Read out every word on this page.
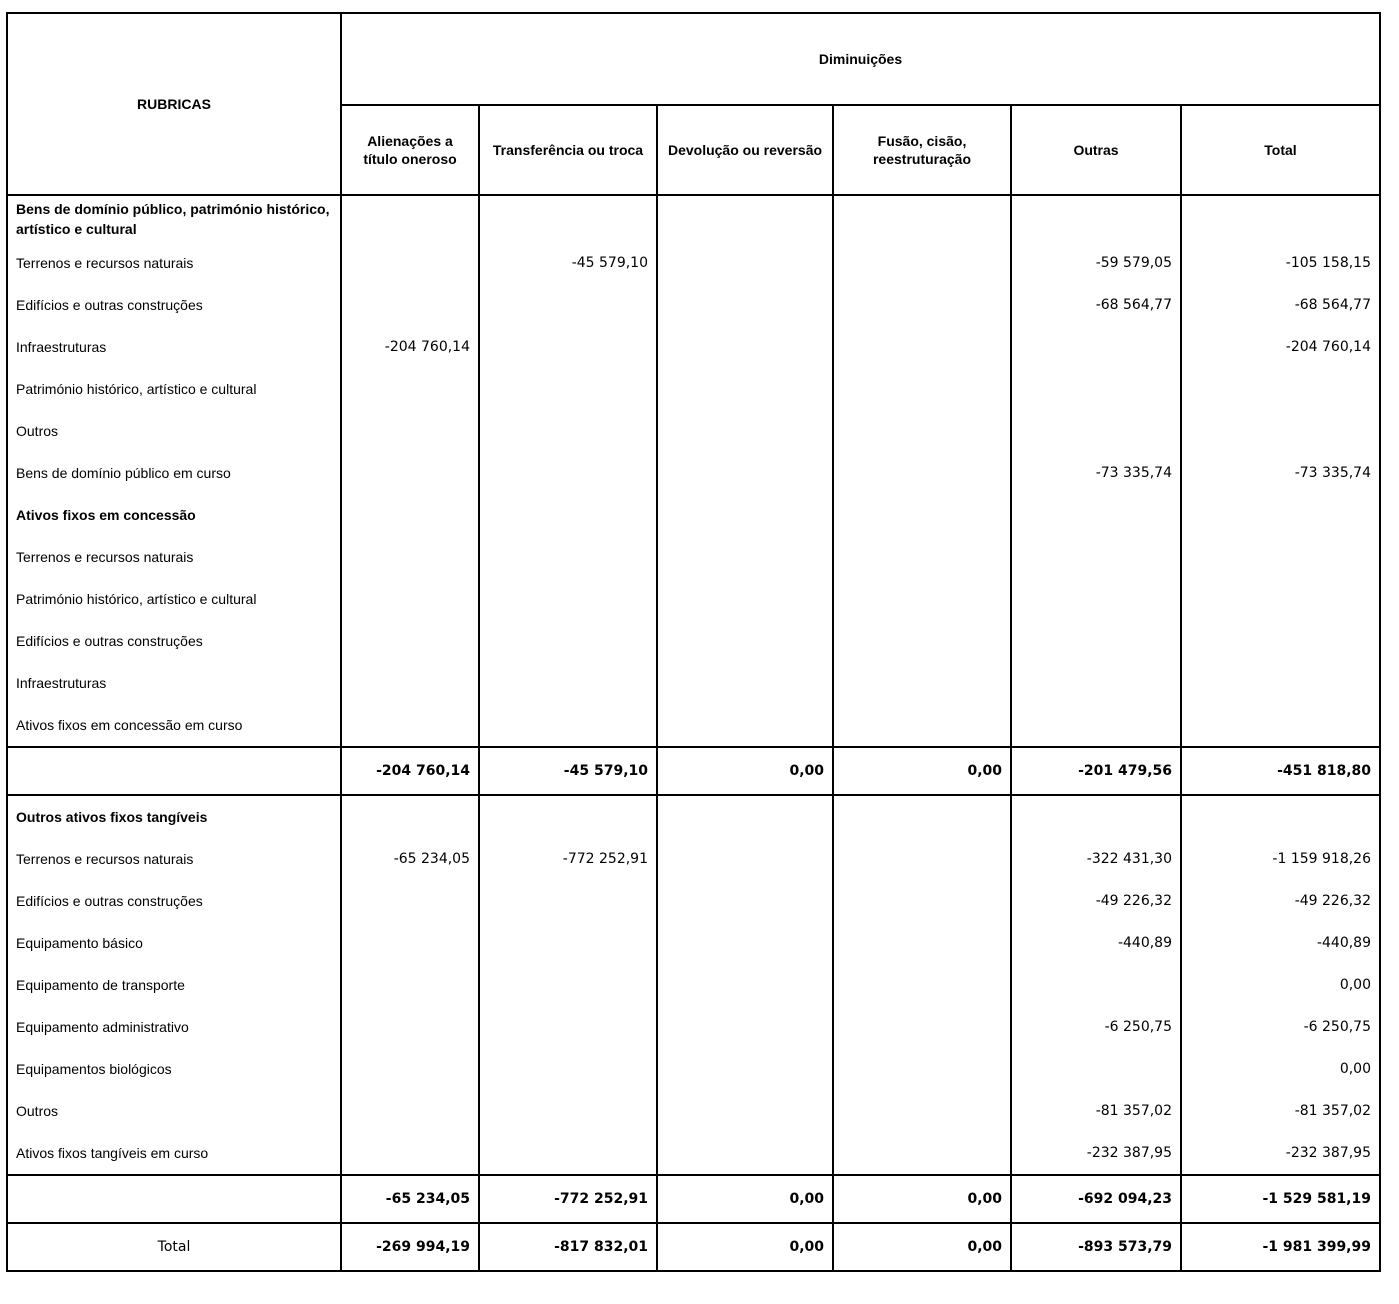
RUBRICAS	Diminuições					
	Alienações a título oneroso	Transferência ou troca	Devolução ou reversão	Fusão, cisão, reestruturação	Outras	Total
Bens de domínio público, património histórico, artístico e cultural						
Terrenos e recursos naturais		-45 579,10			-59 579,05	-105 158,15
Edifícios e outras construções					-68 564,77	-68 564,77
Infraestruturas	-204 760,14					-204 760,14
Património histórico, artístico e cultural						
Outros						
Bens de domínio público em curso					-73 335,74	-73 335,74
Ativos fixos em concessão						
Terrenos e recursos naturais						
Património histórico, artístico e cultural						
Edifícios e outras construções						
Infraestruturas						
Ativos fixos em concessão em curso						
	-204 760,14	-45 579,10	0,00	0,00	-201 479,56	-451 818,80
Outros ativos fixos tangíveis						
Terrenos e recursos naturais	-65 234,05	-772 252,91			-322 431,30	-1 159 918,26
Edifícios e outras construções					-49 226,32	-49 226,32
Equipamento básico					-440,89	-440,89
Equipamento de transporte						0,00
Equipamento administrativo					-6 250,75	-6 250,75
Equipamentos biológicos						0,00
Outros					-81 357,02	-81 357,02
Ativos fixos tangíveis em curso					-232 387,95	-232 387,95
	-65 234,05	-772 252,91	0,00	0,00	-692 094,23	-1 529 581,19
Total	-269 994,19	-817 832,01	0,00	0,00	-893 573,79	-1 981 399,99
